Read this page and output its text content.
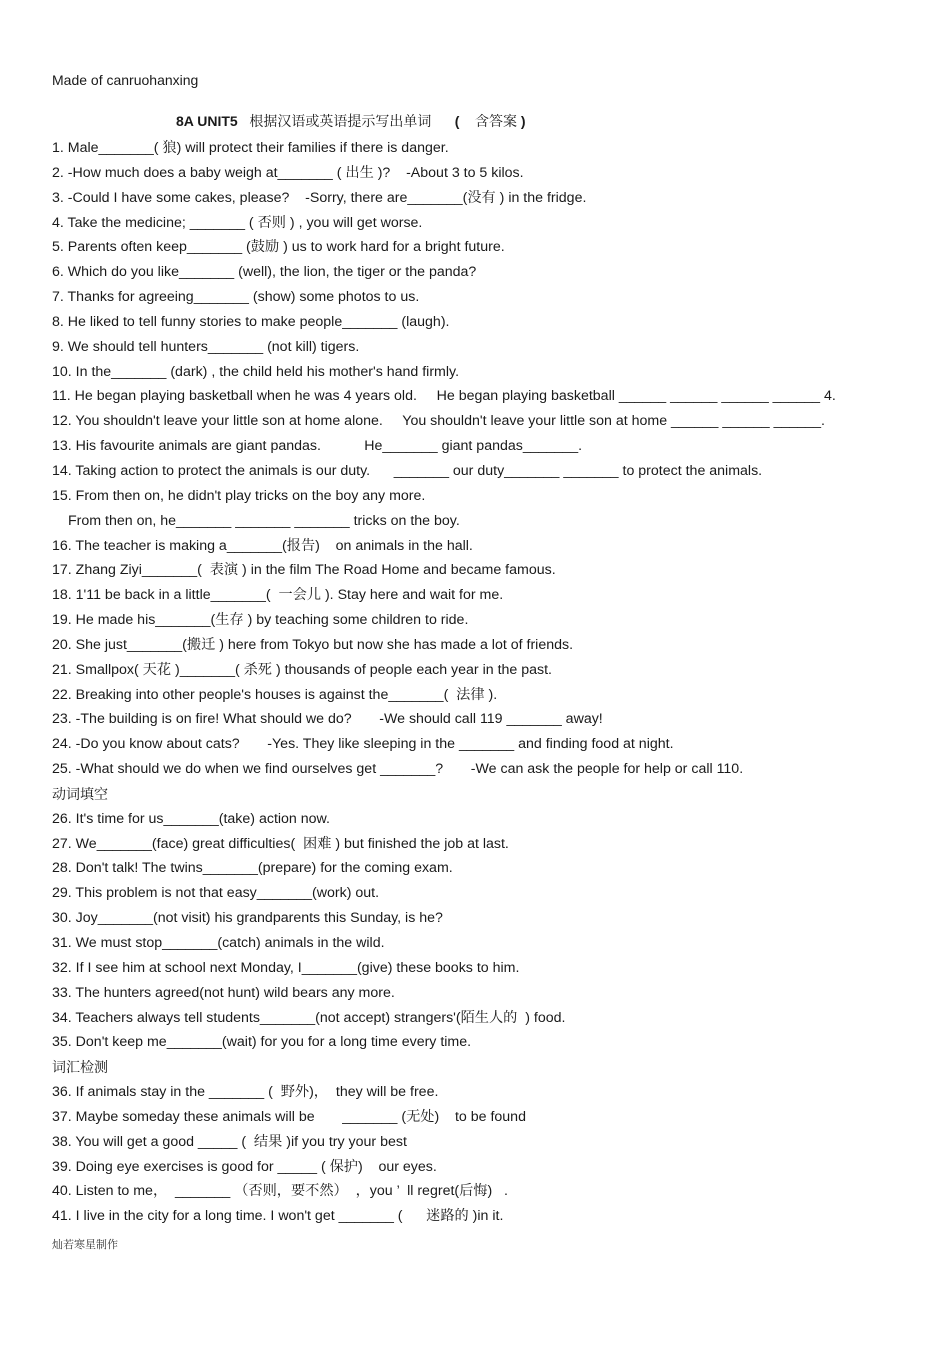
Made of canruohanxing
8A UNIT5 根据汉语或英语提示写出单词 ( 含答案 )
1. Male_______( 狼) will protect their families if there is danger.
2. -How much does a baby weigh at_______ ( 出生 )?    -About 3 to 5 kilos.
3. -Could I have some cakes, please?    -Sorry, there are_______(没有 ) in the fridge.
4. Take the medicine; _______ ( 否则 ) , you will get worse.
5. Parents often keep_______ (鼓励 ) us to work hard for a bright future.
6. Which do you like_______ (well), the lion, the tiger or the panda?
7. Thanks for agreeing_______ (show) some photos to us.
8. He liked to tell funny stories to make people_______ (laugh).
9. We should tell hunters_______ (not kill) tigers.
10. In the_______ (dark) , the child held his mother's hand firmly.
11. He began playing basketball when he was 4 years old.     He began playing basketball ______ ______ ______ ______ 4.
12. You shouldn't leave your little son at home alone.     You shouldn't leave your little son at home ______ ______ ______.
13. His favourite animals are giant pandas.           He_______ giant pandas_______.
14. Taking action to protect the animals is our duty.      _______ our duty_______ _______ to protect the animals.
15. From then on, he didn't play tricks on the boy any more.
From then on, he_______ _______ _______ tricks on the boy.
16. The teacher is making a_______(报告)    on animals in the hall.
17. Zhang Ziyi_______(  表演 ) in the film The Road Home and became famous.
18. 1'11 be back in a little_______(  一会儿 ). Stay here and wait for me.
19. He made his_______(生存 ) by teaching some children to ride.
20. She just_______(搬迁 ) here from Tokyo but now she has made a lot of friends.
21. Smallpox( 天花 )_______( 杀死 ) thousands of people each year in the past.
22. Breaking into other people's houses is against the_______(  法律 ).
23. -The building is on fire! What should we do?       -We should call 119 _______ away!
24. -Do you know about cats?       -Yes. They like sleeping in the _______ and finding food at night.
25. -What should we do when we find ourselves get _______?       -We can ask the people for help or call 110.
动词填空
26. It's time for us_______(take) action now.
27. We_______(face) great difficulties(  困难 ) but finished the job at last.
28. Don't talk! The twins_______(prepare) for the coming exam.
29. This problem is not that easy_______(work) out.
30. Joy_______(not visit) his grandparents this Sunday, is he?
31. We must stop_______(catch) animals in the wild.
32. If I see him at school next Monday, I_______(give) these books to him.
33. The hunters agreed(not hunt) wild bears any more.
34. Teachers always tell students_______(not accept) strangers'(陌生人的  ) food.
35. Don't keep me_______(wait) for you for a long time every time.
词汇检测
36. If animals stay in the _______ (  野外)，  they will be free.
37. Maybe someday these animals will be       _______ (无处)    to be found
38. You will get a good _____ (  结果 )if you try your best
39. Doing eye exercises is good for _____ ( 保护)    our eyes.
40. Listen to me，  _______ （否则，要不然）  ，you ’  ll regret(后悔)   .
41. I live in the city for a long time. I won't get _______ (      迷路的 )in it.
灿若寒星制作
